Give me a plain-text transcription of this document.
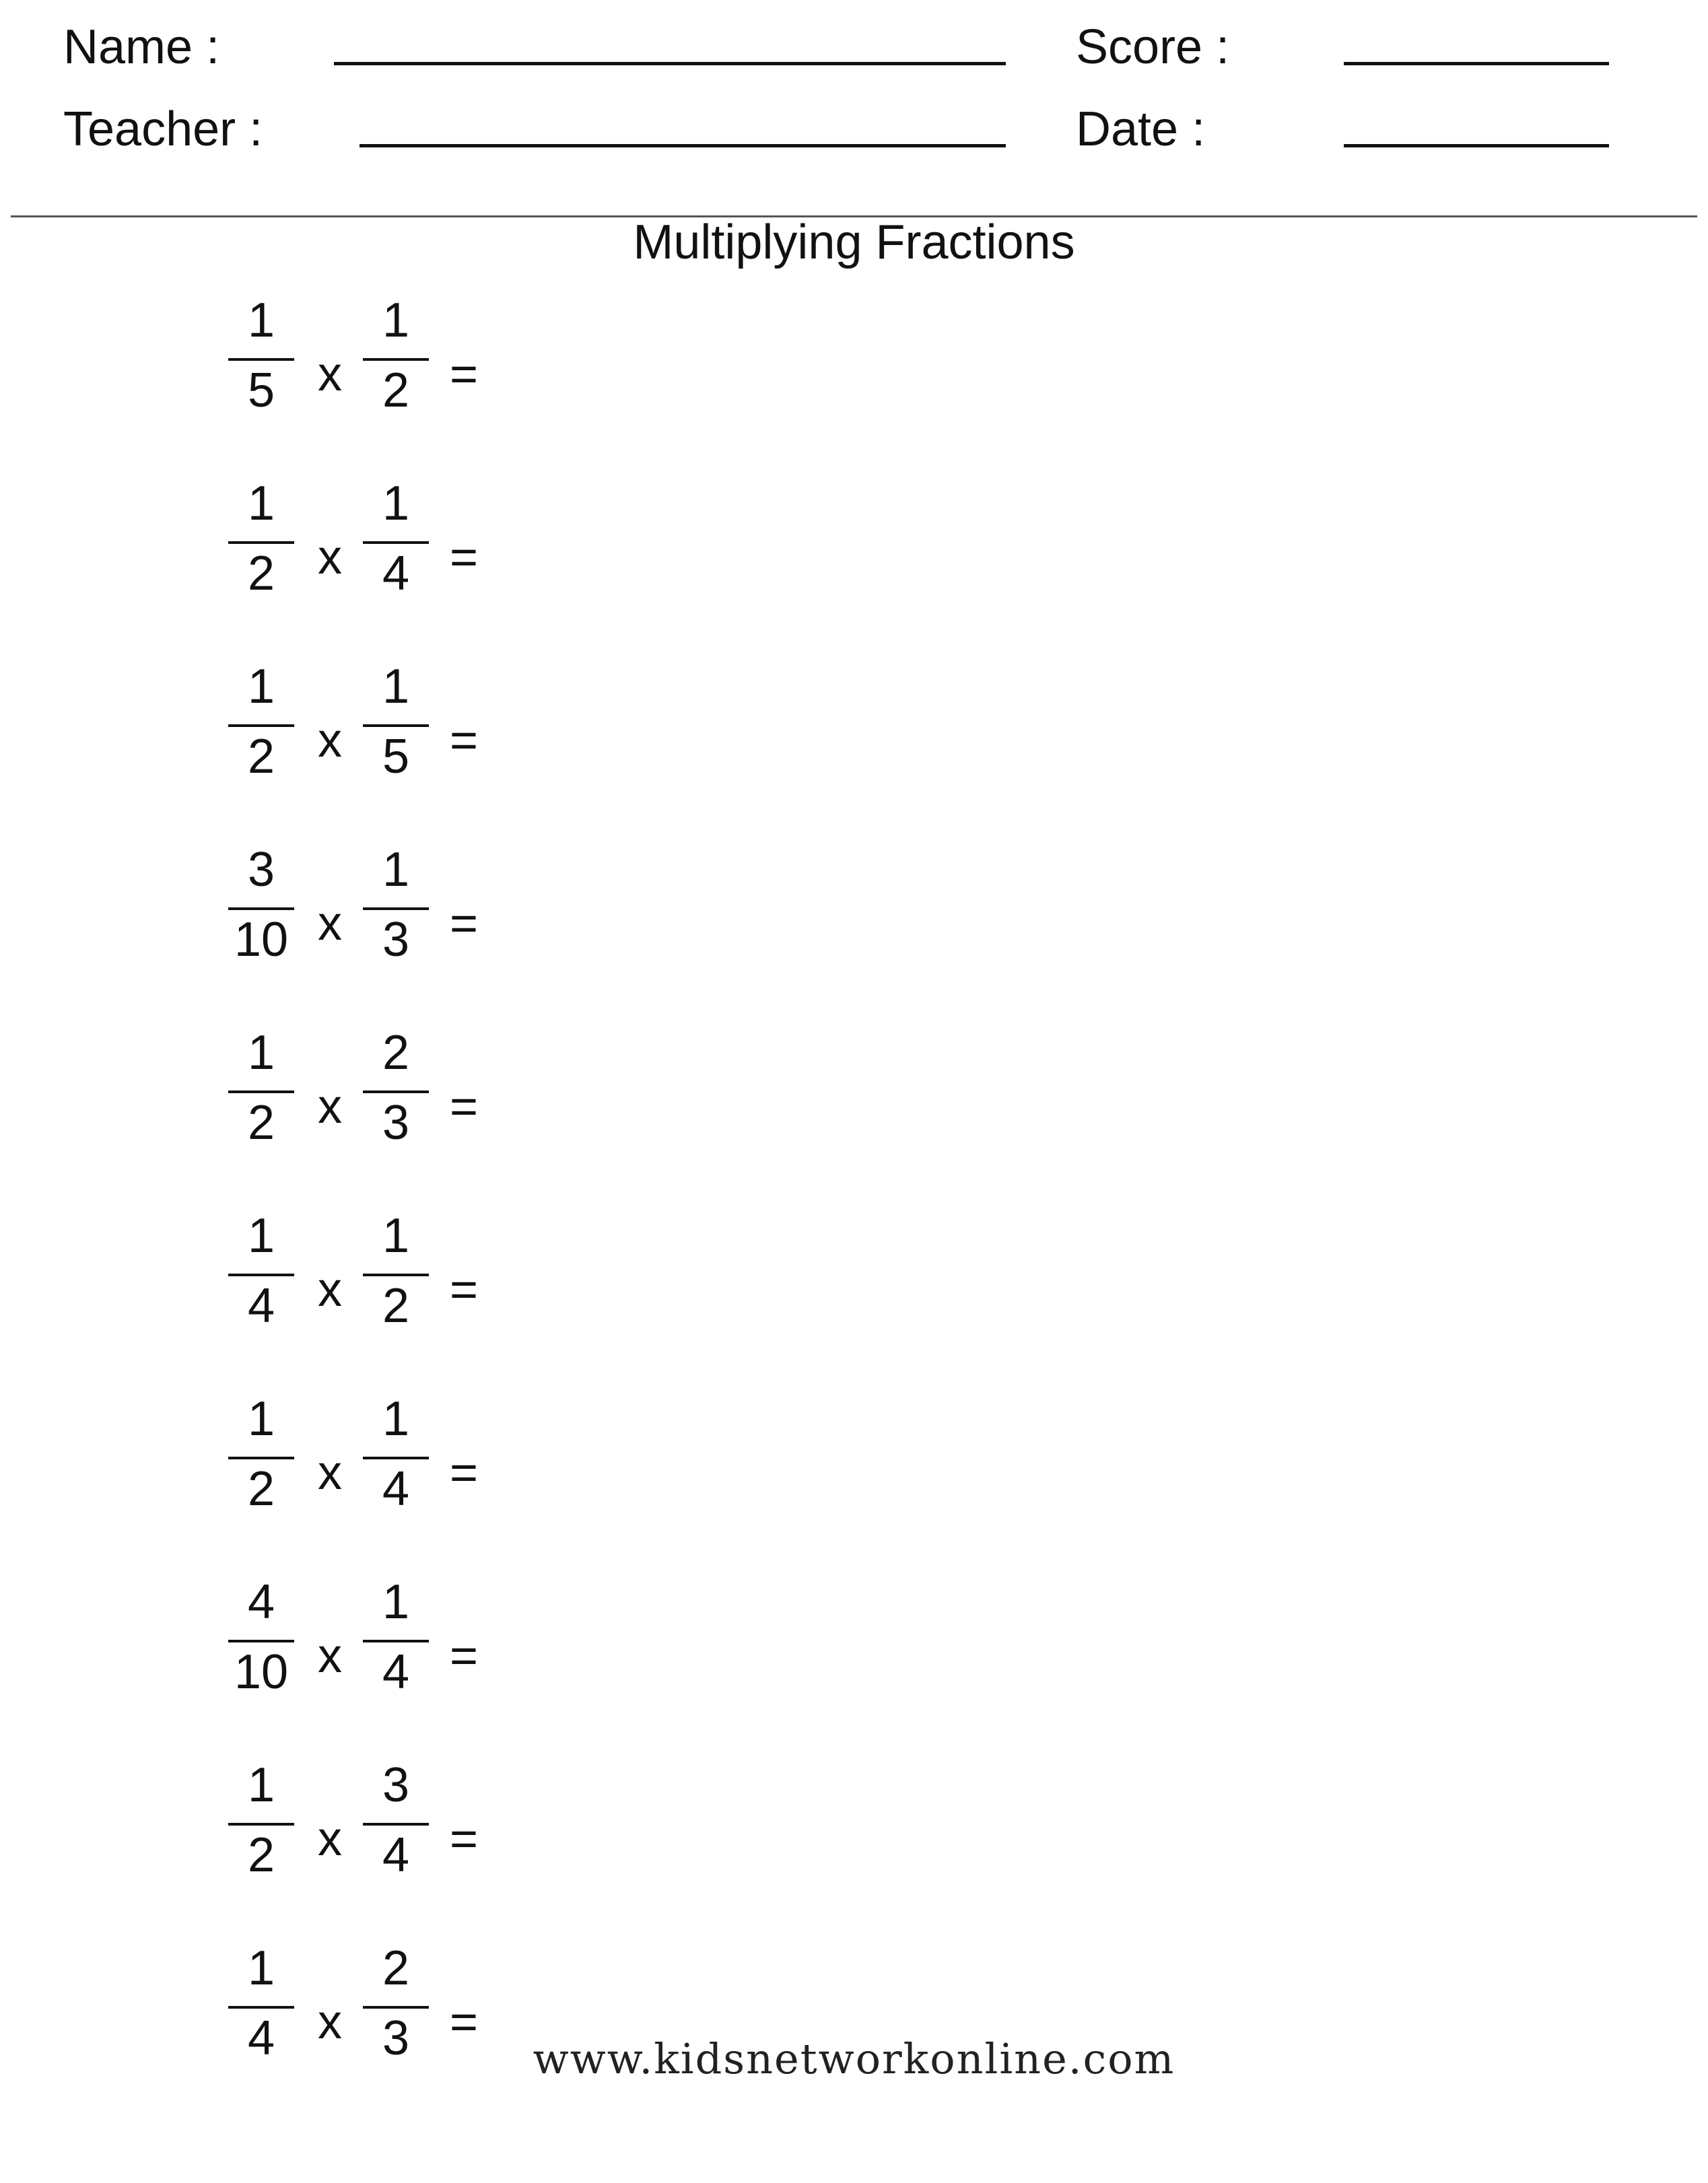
Name :
Teacher :
Score :
Date :
Multiplying Fractions
1
5 x
1
2 =
1
2 x
1
4 =
1
2 x
1
5 =
3
10 x
1
3 =
1
2 x
2
3 =
1
4 x
1
2 =
1
2 x
1
4 =
4
10 x
1
4 =
1
2 x
3
4 =
1
4 x
2
3 =
www.kidsnetworkonline.com
